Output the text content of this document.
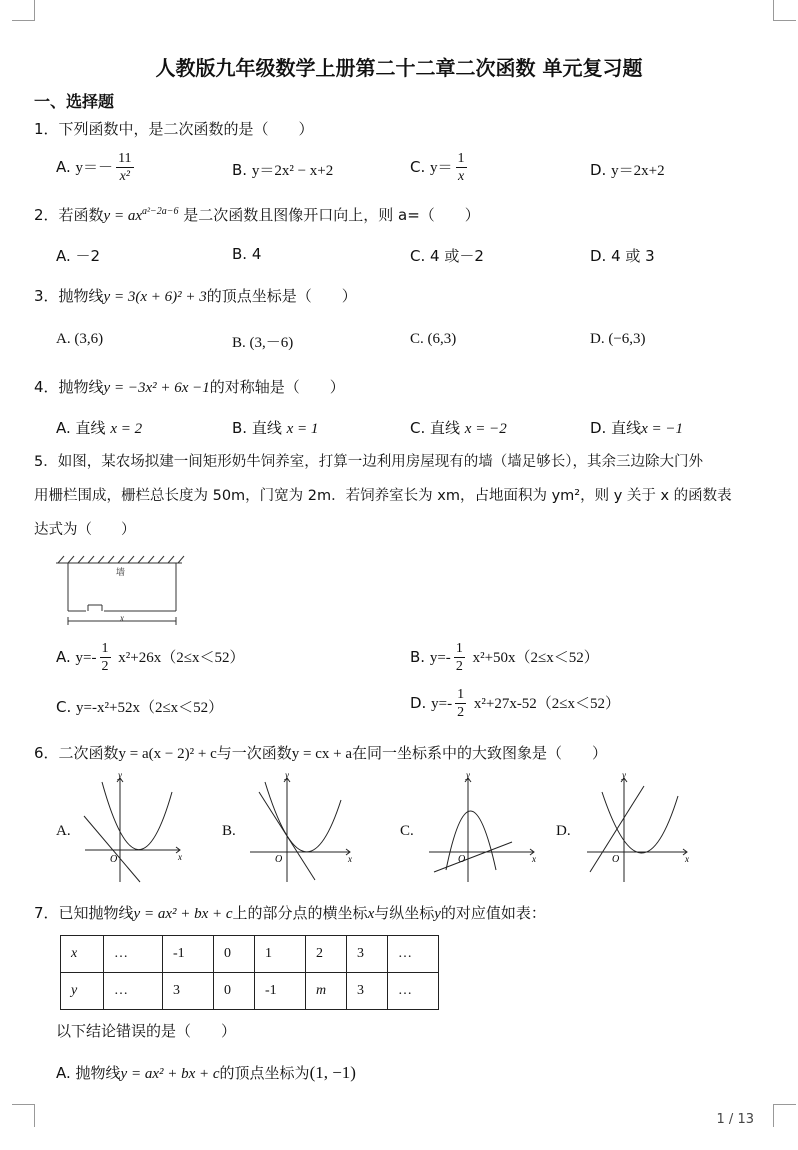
人教版九年级数学上册第二十二章二次函数 单元复习题
一、选择题
1．下列函数中，是二次函数的是（　　）
A. $y=- \frac{11}{\text{x²}}$	B. y＝2x² − x+2	C. $y= \frac{1}{x}$	D. y＝2x+2
2．若函数$y = ax^{a^2-2a-6}$ 是二次函数且图像开口向上，则 a=（　　）
A. －2	B. 4	C. 4 或－2	D. 4 或 3
3．抛物线y = 3(x + 6)² + 3的顶点坐标是（　　）
A. (3,6)	B. (3,－6)	C. (6,3)	D. (−6,3)
4．抛物线y = −3x² + 6x −1的对称轴是（　　）
A. 直线 x = 2	B. 直线 x = 1	C. 直线 x = −2	D. 直线x = −1
5．如图，某农场拟建一间矩形奶牛饲养室，打算一边利用房屋现有的墙（墙足够长），其余三边除大门外
用栅栏围成，栅栏总长度为 50m，门宽为 2m．若饲养室长为 xm，占地面积为 ym²，则 y 关于 x 的函数表
达式为（　　）
墙
x
A. $y=- \frac{1}{2} x^2+26x(2\le x<52)$	B. $y=- \frac{1}{2} x^2+50x(2\le x<52)$
C. y=-x²+52x（2≤x＜52）	D. $y=- \frac{1}{2} x^2+27x-52(2\le x<52)$
6．二次函数y = a(x − 2)² + c与一次函数y = cx + a在同一坐标系中的大致图象是（　　）
A.
y
x
O
B.
y
x
O
C.
y
x
O
D.
y
x
O
7．已知抛物线y = ax² + bx + c上的部分点的横坐标x与纵坐标y的对应值如表：
x	…	-1	0	1	2	3	…
y	…	3	0	-1	m	3	…
以下结论错误的是（　　）
A. 抛物线y = ax² + bx + c的顶点坐标为(1, −1)
1 / 13
